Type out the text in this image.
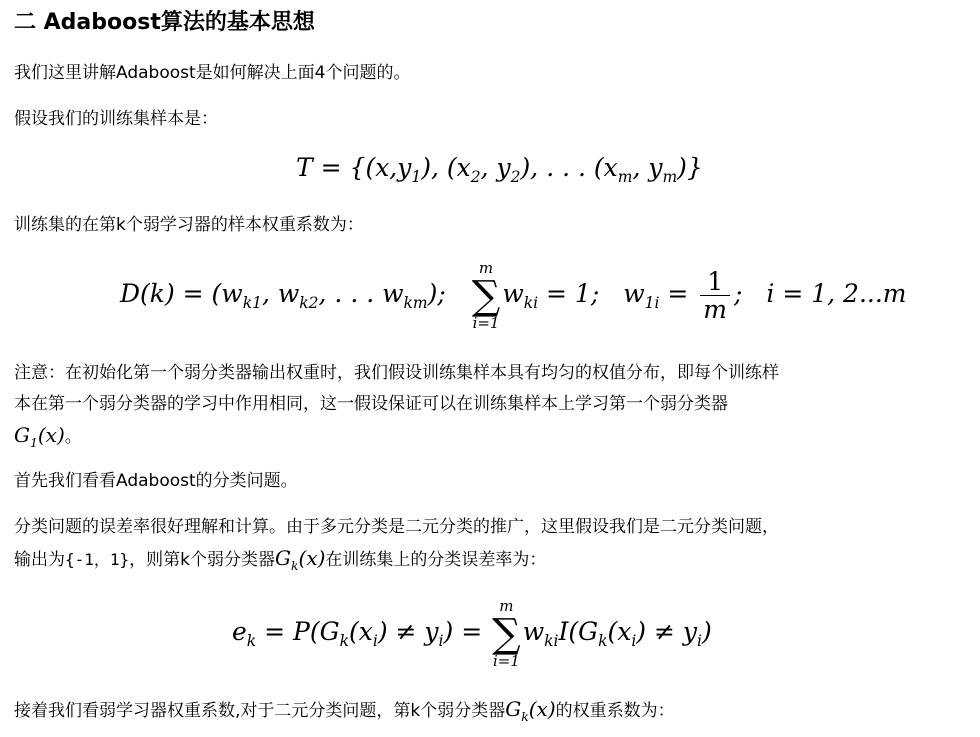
二 Adaboost算法的基本思想
我们这里讲解Adaboost是如何解决上面4个问题的。
假设我们的训练集样本是：
$T = \{(x,y_1)$, ($x_2$, $y_2$), . . . ($x_m$, $y_m$)}
训练集的在第k个弱学习器的样本权重系数为：
$D(k) = (w_{k1}$, $w_{k2}$, . . . $w_{km}$);
m
∑
i=1
$w_{ki} = 1$; $w_{1i} = \frac{1}{m}$ ; i = 1, 2...m
注意：在初始化第一个弱分类器输出权重时，我们假设训练集样本具有均匀的权值分布，即每个训练样
本在第一个弱分类器的学习中作用相同，这一假设保证可以在训练集样本上学习第一个弱分类器
$G_1(x)$。
首先我们看看Adaboost的分类问题。
分类问题的误差率很好理解和计算。由于多元分类是二元分类的推广，这里假设我们是二元分类问题，
输出为{-1，1}，则第k个弱分类器$G_k(x)$在训练集上的分类误差率为：
$e_k = P(G_k(x_i) \ne y_i)$ =
m
∑
i=1
$w_{ki}I(G_k(x_i) \ne y_i)$
接着我们看弱学习器权重系数,对于二元分类问题，第k个弱分类器$G_k(x)$的权重系数为：
